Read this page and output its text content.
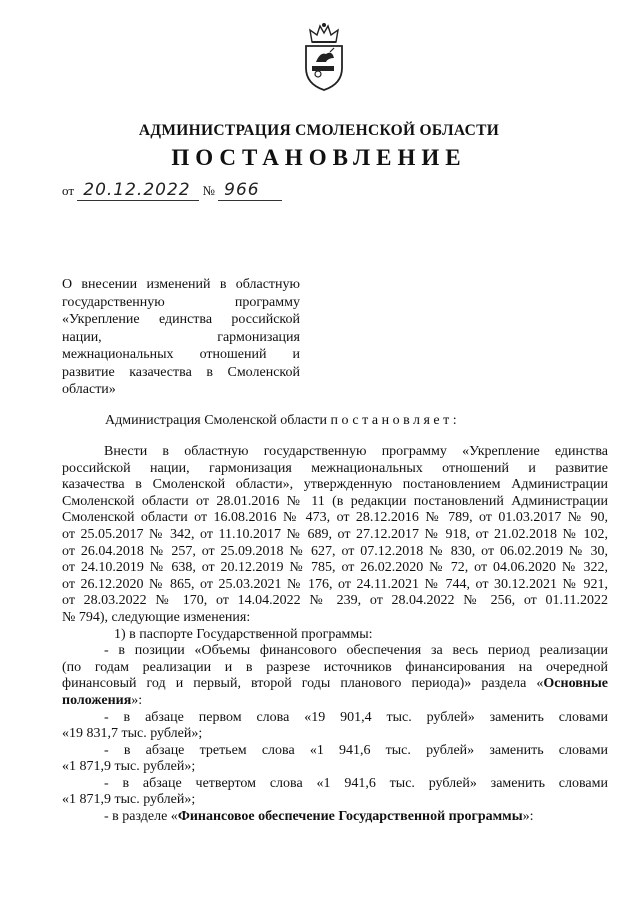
АДМИНИСТРАЦИЯ СМОЛЕНСКОЙ ОБЛАСТИ
ПОСТАНОВЛЕНИЕ
от 20.12.2022 № 966
О внесении изменений в областную
государственную программу
«Укрепление единства российской
нации, гармонизация
межнациональных отношений и
развитие казачества в Смоленской
области»
Администрация Смоленской области постановляет:
Внести в областную государственную программу «Укрепление единства
российской нации, гармонизация межнациональных отношений и развитие
казачества в Смоленской области», утвержденную постановлением Администрации
Смоленской области от 28.01.2016 № 11 (в редакции постановлений Администрации
Смоленской области от 16.08.2016 № 473, от 28.12.2016 № 789, от 01.03.2017 № 90,
от 25.05.2017 № 342, от 11.10.2017 № 689, от 27.12.2017 № 918, от 21.02.2018 № 102,
от 26.04.2018 № 257, от 25.09.2018 № 627, от 07.12.2018 № 830, от 06.02.2019 № 30,
от 24.10.2019 № 638, от 20.12.2019 № 785, от 26.02.2020 № 72, от 04.06.2020 № 322,
от 26.12.2020 № 865, от 25.03.2021 № 176, от 24.11.2021 № 744, от 30.12.2021 № 921,
от 28.03.2022 № 170, от 14.04.2022 № 239, от 28.04.2022 № 256, от 01.11.2022
№ 794), следующие изменения:
1) в паспорте Государственной программы:
- в позиции «Объемы финансового обеспечения за весь период реализации
(по годам реализации и в разрезе источников финансирования на очередной
финансовый год и первый, второй годы планового периода)» раздела «Основные
положения»:
- в абзаце первом слова «19 901,4 тыс. рублей» заменить словами
«19 831,7 тыс. рублей»;
- в абзаце третьем слова «1 941,6 тыс. рублей» заменить словами
«1 871,9 тыс. рублей»;
- в абзаце четвертом слова «1 941,6 тыс. рублей» заменить словами
«1 871,9 тыс. рублей»;
- в разделе «Финансовое обеспечение Государственной программы»:
